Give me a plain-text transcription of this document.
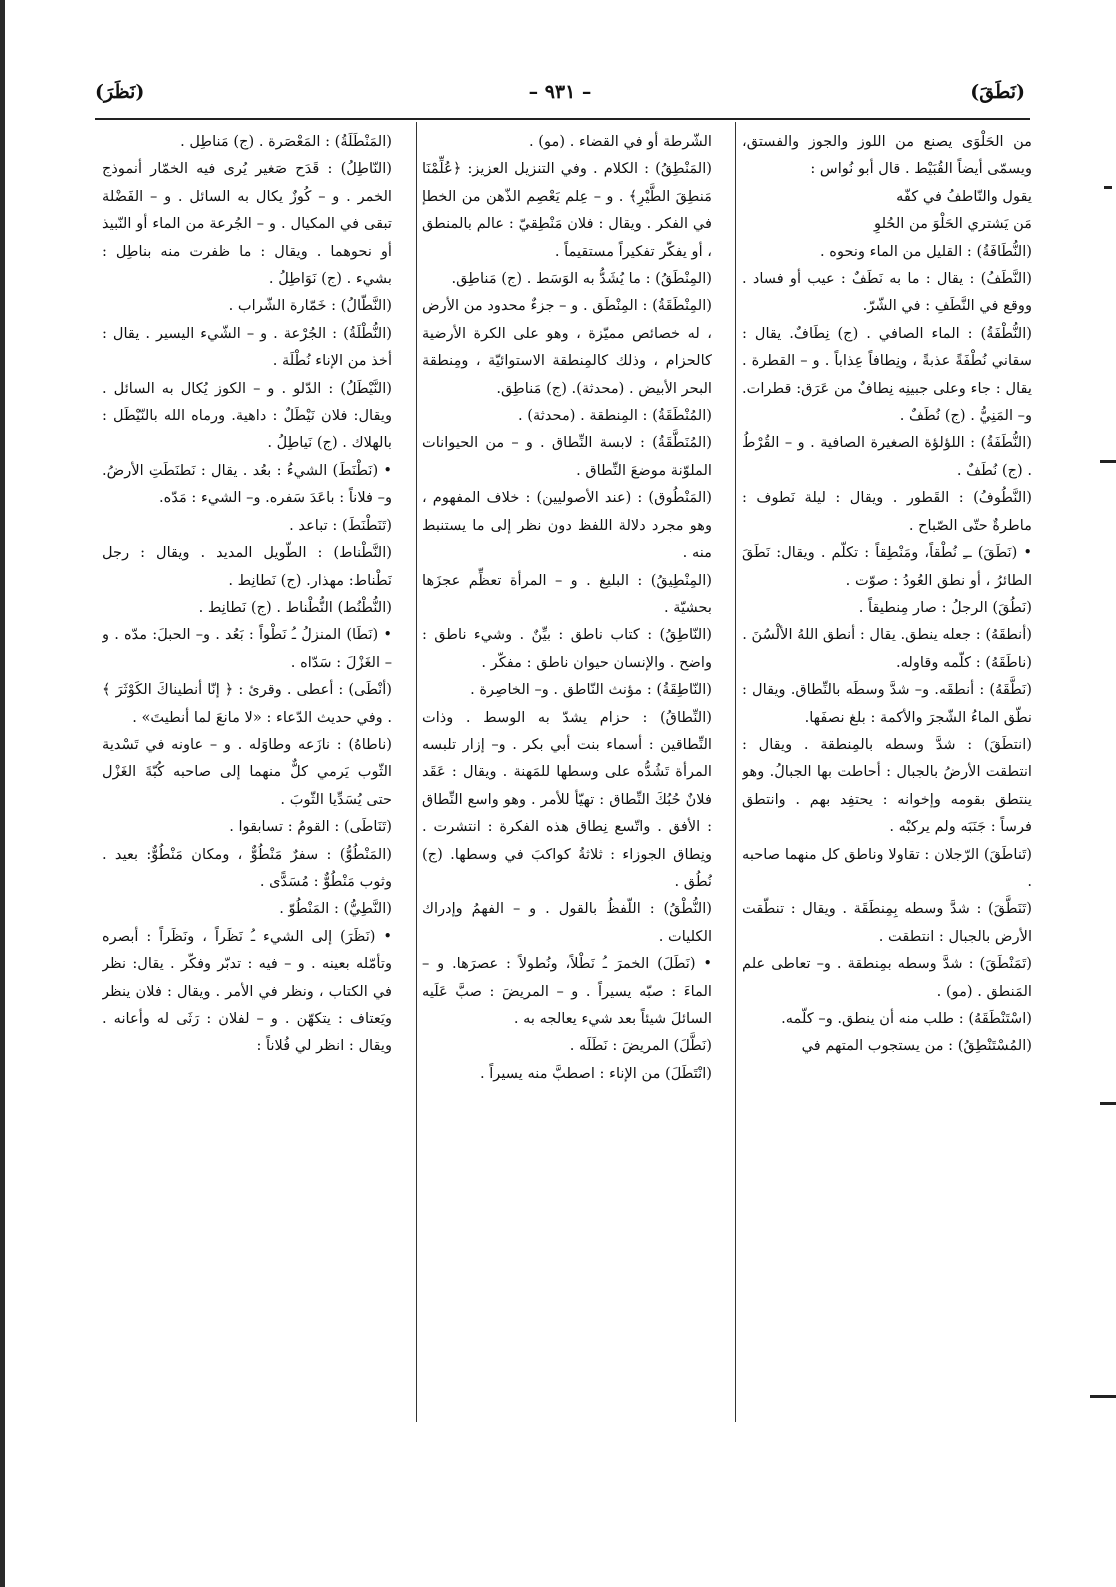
(نَطَقَ)
– ٩٣١ –
(نَظَرَ)

من الحَلْوَى يصنع من اللوز والجوز والفستق، ويسمّى أيضاً القُبَيْط . قال أبو نُواس :

يقول والنّاطفُ في كفّه

مَن يَشتري الحَلْوَ من الحُلوِ

(النُّطَافَةُ) : القليل من الماء ونحوه .

(النَّطَفُ) : يقال : ما به نَطَفٌ : عيب أو فساد . ووقع في النَّطَفِ : في الشّرّ.

(النُّطْفَةُ) : الماء الصافي . (ج) نِطَافٌ. يقال : سقاني نُطْفَةً عذبةً ، ونِطافاً عِذاباً . و – القطرة . يقال : جاء وعلى جبينِه نِطافٌ من عَرَق: قطرات. و– المَنِيُّ . (ج) نُطَفٌ .

(النُّطَفَةُ) : اللؤلؤة الصغيرة الصافية . و – القُرْطُ . (ج) نُطَفٌ .

(النَّطُوفُ) : القَطور . ويقال : ليلة نَطوف : ماطرةٌ حتّى الصّباح .

• (نَطَقَ) ــِ نُطْقاً، ومَنْطِقاً : تكلّم . ويقال: نَطَقَ الطائرُ ، أو نطق العُودُ : صوّت .

(نَطُقَ) الرجلُ : صار مِنطيقاً .

(أنطقَهُ) : جعله ينطق. يقال : أنطق اللهُ الألْسُنَ .

(ناطَقَهُ) : كلّمه وقاوله.

(نَطَّقَهُ) : أنطقَه. و– شدَّ وسطَه بالنِّطاق. ويقال : نطّق الماءُ الشّجرَ والأكمة : بلغ نصفَها.

(انتطَقَ) : شدَّ وسطه بالمِنطقة . ويقال : انتطقت الأرضُ بالجبال : أحاطت بها الجبالُ. وهو ينتطق بقومه وإخوانه : يحتفِد بهم . وانتطق فرساً : جَنَبَه ولم يركبْه .

(تَناطَقَ) الرّجلان : تقاولا وناطق كل منهما صاحبه .

(تَنَطَّقَ) : شدَّ وسطه بِمِنطَقَة . ويقال : تنطّقت الأرض بالجبال : انتطقت .

(تَمَنْطَقَ) : شدَّ وسطه بمِنطقة . و– تعاطى علم المَنطق . (مو) .

(اسْتَنْطَقَهُ) : طلب منه أن ينطق. و– كلّمه.

(المُسْتَنْطِقُ) : من يستجوب المتهم في

الشّرطة أو في القضاء . (مو) .

(المَنْطِقُ) : الكلام . وفي التنزيل العزيز: ﴿عُلِّمْنَا مَنطِقَ الطَّيْرِ﴾ . و – عِلم يَعْصِم الذّهن من الخطإ في الفكر . ويقال : فلان مَنْطِقيّ : عالم بالمنطق ، أو يفكّر تفكيراً مستقيماً .

(المِنْطَقُ) : ما يُشَدُّ به الوَسَط . (ج) مَناطِق.

(المِنْطَقَةُ) : المِنْطَق . و – جزءٌ محدود من الأرض ، له خصائص مميّزة ، وهو على الكرة الأرضية كالحزام ، وذلك كالمِنطقة الاستوائيّة ، ومِنطقة البحر الأبيض . (محدثة). (ج) مَناطِق.

(المُنْطَقَةُ) : المِنطقة . (محدثة) .

(المُنَطَّقَةُ) : لابسة النِّطاق . و – من الحيوانات الملوّنة موضعَ النِّطاق .

(المَنْطُوق) : (عند الأصوليين) : خلاف المفهوم ، وهو مجرد دلالة اللفظ دون نظر إلى ما يستنبط منه .

(المِنْطِيقُ) : البليغ . و – المرأة تعظِّم عجزَها بحشيّة .

(النّاطِقُ) : كتاب ناطق : بيِّنٌ . وشيء ناطق : واضح . والإنسان حيوان ناطق : مفكّر .

(النّاطِقَةُ) : مؤنث النّاطق . و– الخاصِرة .

(النِّطاقُ) : حزام يشدّ به الوسط . وذات النِّطاقين : أسماء بنت أبي بكر . و– إزار تلبسه المرأة تَشُدُّه على وسطها للمَهنة . ويقال : عَقَد فلانٌ حُبُكَ النِّطاق : تهيّأ للأمر . وهو واسع النِّطاق : الأفق . واتّسع نِطاق هذه الفكرة : انتشرت . ونِطاق الجوزاء : ثلاثةُ كواكبَ في وسطها. (ج) نُطُق .

(النُّطْقُ) : اللّفظُ بالقول . و – الفهمُ وإدراك الكليات .

• (نَطَلَ) الخمرَ ـُ نَطْلاً، ونُطولاً : عصرَها. و – الماءَ : صبّه يسيراً . و – المريضَ : صبَّ عَلَيه السائلَ شيئاً بعد شيء يعالجه به .

(نَطَّلَ) المريضَ : نَطَلَه .

(انْتَطَلَ) من الإناء : اصطبَّ منه يسيراً .

(المَنْطَلَةُ) : المَعْصَرة . (ج) مَناطِل .

(النّاطِلُ) : قَدَح صَغير يُرى فيه الخمّار أنموذج الخمر . و – كُوزٌ يكال به السائل . و – الفَضْلة تبقى في المكيال . و – الجُرعة من الماء أو النّبيذ أو نحوهما . ويقال : ما ظفرت منه بناطِل : بشيء . (ج) نَوَاطِلُ .

(النَّطّالُ) : خَمّارة الشّراب .

(النُّطْلَةُ) : الجُرْعة . و – الشّيء اليسير . يقال : أخذ من الإناء نُطْلَة .

(النَّيْطَلُ) : الدّلو . و – الكوز يُكال به السائل . ويقال: فلان نَيْطَلٌ : داهية. ورماه الله بالنّيْطَل : بالهلاك . (ج) نَياطِلُ .

• (نَطْنَطَ) الشيءُ : بعُد . يقال : نَطنَطَتِ الأرضُ. و– فلاناً : باعَدَ سَفره. و– الشيء : مَدّه.

(تَنَطْنَطَ) : تباعد .

(النَّطْناط) : الطّويل المديد . ويقال : رجل نَطْناط: مهذار. (ج) نَطانِط .

(النُّطْنُط) النُّطْناط . (ج) نَطانِط .

• (نَطَا) المنزلُ ـُ نَطْواً : بَعُد . و– الحبلَ: مدّه . و – الغَزْلَ : سَدّاه .

(أنْطَى) : أعطى . وقرئ : ﴿ إنّا أنطيناكَ الكَوْثَرَ ﴾ . وفي حديث الدّعاء : «لا مانعَ لما أنطيتَ» .

(ناطاهُ) : نازَعه وطاوَله . و – عاونه في تَسْدية الثّوب يَرمي كلٌّ منهما إلى صاحبه كُبّةَ الغَزْل حتى يُسَدِّيا الثّوبَ .

(تَنَاطَى) : القومُ : تسابقوا .

(المَنْطُوُّ) : سفرٌ مَنْطُوٌّ ، ومكان مَنْطُوٌّ: بعيد . وثوب مَنْطُوٌّ : مُسَدًّى .

(النَّطِيُّ) : المَنْطُوّ .

• (نَظَرَ) إلى الشيء ـُ نَظَراً ، ونَظَراً : أبصره وتأمّله بعينه . و – فيه : تدبّر وفكّر . يقال: نظر في الكتاب ، ونظر في الأمر . ويقال : فلان ينظر ويَعتاف : يتكهّن . و – لفلان : رَثَى له وأعانه . ويقال : انظر لي فُلاناً :
